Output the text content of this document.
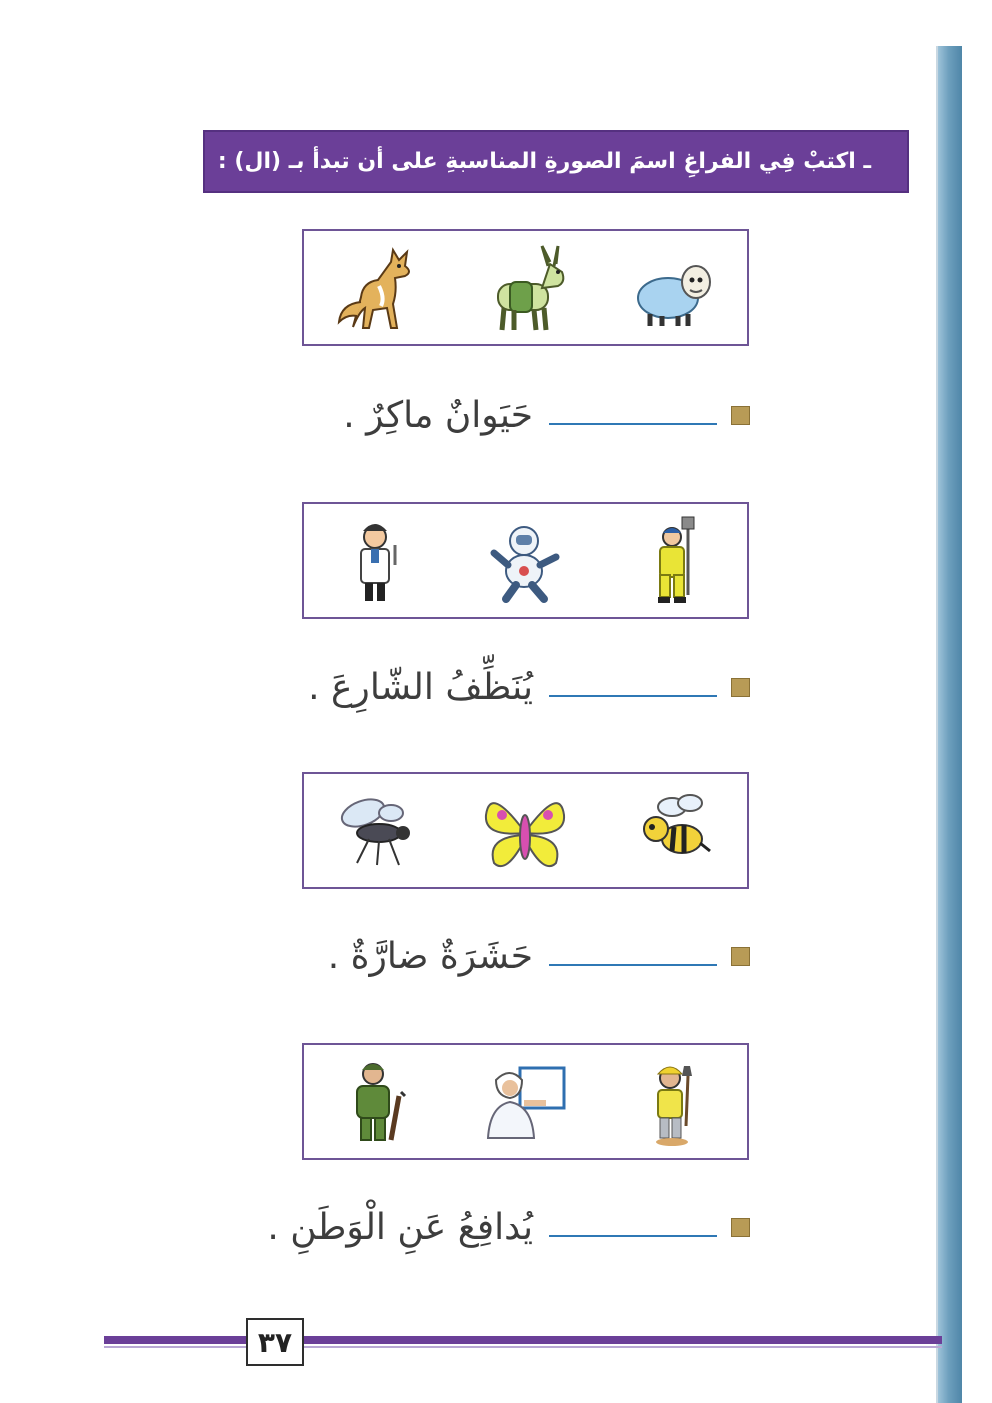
ـ اكتبْ فِي الفراغِ اسمَ الصورةِ المناسبةِ على أن تبدأ بـ (ال) :
حَيَوانٌ ماكِرٌ .
يُنَظِّفُ الشّارِعَ .
حَشَرَةٌ ضارَّةٌ .
يُدافِعُ عَنِ الْوَطَنِ .
٣٧
